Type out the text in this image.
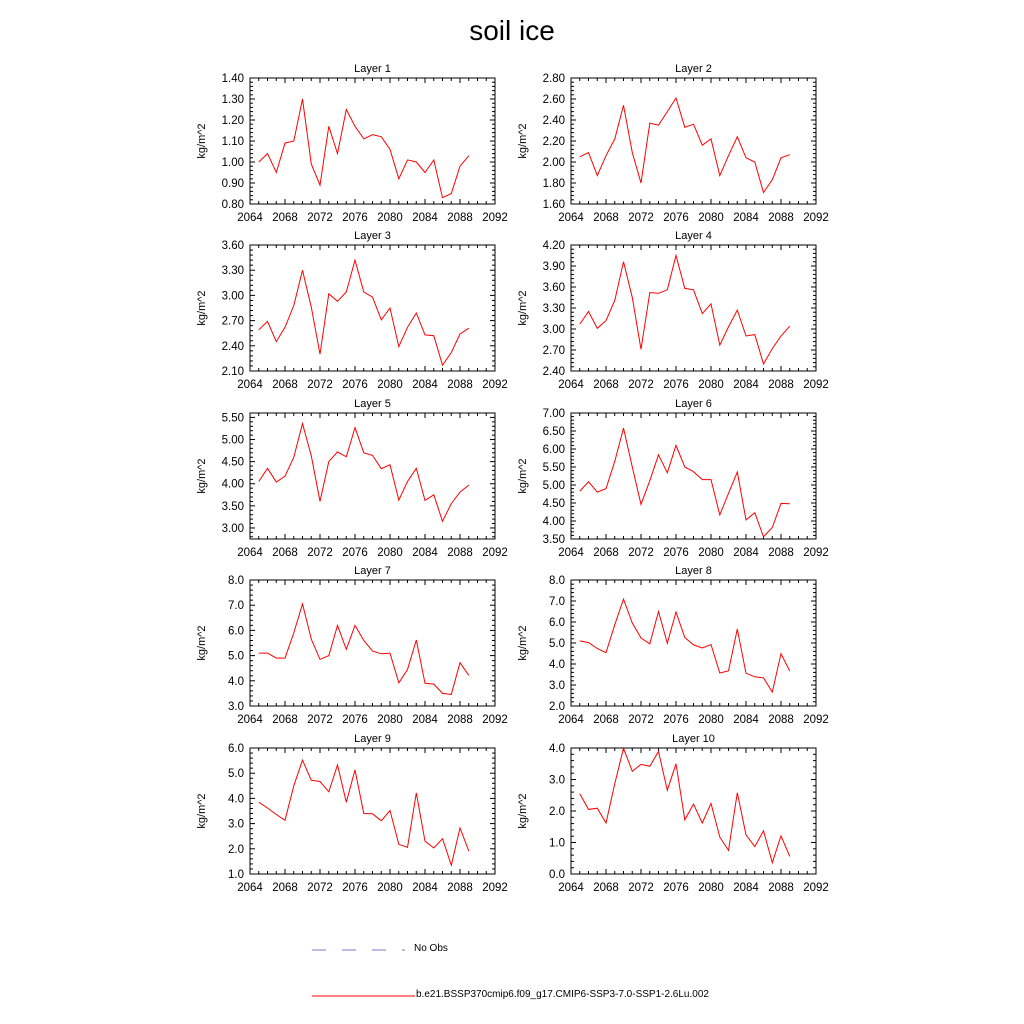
soil ice
Layer 1
kg/m^2
2064 2068 2072 2076 2080 2084 2088 2092
0.80
0.90
1.00
1.10
1.20
1.30
1.40
Layer 2
kg/m^2
2064 2068 2072 2076 2080 2084 2088 2092
1.60
1.80
2.00
2.20
2.40
2.60
2.80
Layer 3
kg/m^2
2064 2068 2072 2076 2080 2084 2088 2092
2.10
2.40
2.70
3.00
3.30
3.60
Layer 4
kg/m^2
2064 2068 2072 2076 2080 2084 2088 2092
2.40
2.70
3.00
3.30
3.60
3.90
4.20
Layer 5
kg/m^2
2064 2068 2072 2076 2080 2084 2088 2092
3.00
3.50
4.00
4.50
5.00
5.50
Layer 6
kg/m^2
2064 2068 2072 2076 2080 2084 2088 2092
3.50
4.00
4.50
5.00
5.50
6.00
6.50
7.00
Layer 7
kg/m^2
2064 2068 2072 2076 2080 2084 2088 2092
3.0
4.0
5.0
6.0
7.0
8.0
Layer 8
kg/m^2
2064 2068 2072 2076 2080 2084 2088 2092
2.0
3.0
4.0
5.0
6.0
7.0
8.0
Layer 9
kg/m^2
2064 2068 2072 2076 2080 2084 2088 2092
1.0
2.0
3.0
4.0
5.0
6.0
Layer 10
kg/m^2
2064 2068 2072 2076 2080 2084 2088 2092
0.0
1.0
2.0
3.0
4.0
No Obs
b.e21.BSSP370cmip6.f09_g17.CMIP6-SSP3-7.0-SSP1-2.6Lu.002
